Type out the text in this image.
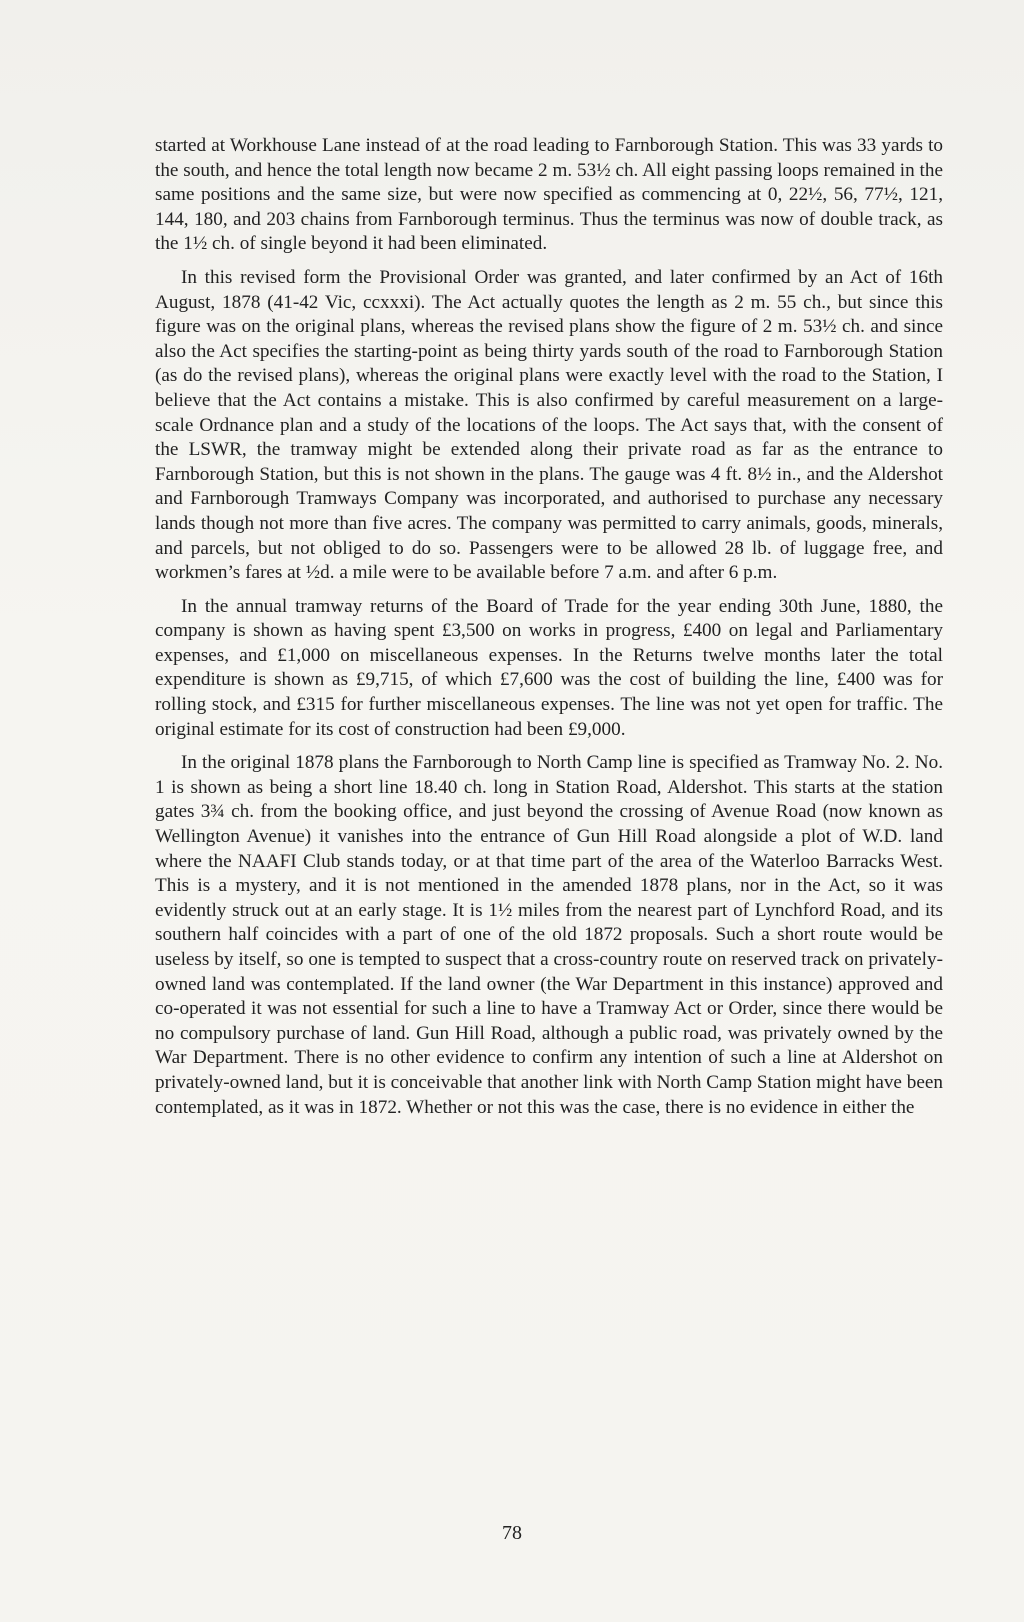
started at Workhouse Lane instead of at the road leading to Farnborough Station. This was 33 yards to the south, and hence the total length now became 2 m. 53½ ch. All eight passing loops remained in the same positions and the same size, but were now specified as commencing at 0, 22½, 56, 77½, 121, 144, 180, and 203 chains from Farnborough terminus. Thus the terminus was now of double track, as the 1½ ch. of single beyond it had been eliminated.

In this revised form the Provisional Order was granted, and later confirmed by an Act of 16th August, 1878 (41-42 Vic, ccxxxi). The Act actually quotes the length as 2 m. 55 ch., but since this figure was on the original plans, whereas the revised plans show the figure of 2 m. 53½ ch. and since also the Act specifies the starting-point as being thirty yards south of the road to Farnborough Station (as do the revised plans), whereas the original plans were exactly level with the road to the Station, I believe that the Act contains a mistake. This is also confirmed by careful measurement on a large-scale Ordnance plan and a study of the locations of the loops. The Act says that, with the consent of the LSWR, the tramway might be extended along their private road as far as the entrance to Farnborough Station, but this is not shown in the plans. The gauge was 4 ft. 8½ in., and the Aldershot and Farnborough Tramways Company was incorporated, and authorised to purchase any necessary lands though not more than five acres. The company was permitted to carry animals, goods, minerals, and parcels, but not obliged to do so. Passengers were to be allowed 28 lb. of luggage free, and workmen’s fares at ½d. a mile were to be available before 7 a.m. and after 6 p.m.

In the annual tramway returns of the Board of Trade for the year ending 30th June, 1880, the company is shown as having spent £3,500 on works in progress, £400 on legal and Parliamentary expenses, and £1,000 on miscellaneous expenses. In the Returns twelve months later the total expenditure is shown as £9,715, of which £7,600 was the cost of building the line, £400 was for rolling stock, and £315 for further miscellaneous expenses. The line was not yet open for traffic. The original estimate for its cost of construction had been £9,000.

In the original 1878 plans the Farnborough to North Camp line is specified as Tramway No. 2. No. 1 is shown as being a short line 18.40 ch. long in Station Road, Aldershot. This starts at the station gates 3¾ ch. from the booking office, and just beyond the crossing of Avenue Road (now known as Wellington Avenue) it vanishes into the entrance of Gun Hill Road alongside a plot of W.D. land where the NAAFI Club stands today, or at that time part of the area of the Waterloo Barracks West. This is a mystery, and it is not mentioned in the amended 1878 plans, nor in the Act, so it was evidently struck out at an early stage. It is 1½ miles from the nearest part of Lynchford Road, and its southern half coincides with a part of one of the old 1872 proposals. Such a short route would be useless by itself, so one is tempted to suspect that a cross-country route on reserved track on privately-owned land was contemplated. If the land owner (the War Department in this instance) approved and co-operated it was not essential for such a line to have a Tramway Act or Order, since there would be no compulsory purchase of land. Gun Hill Road, although a public road, was privately owned by the War Department. There is no other evidence to confirm any intention of such a line at Aldershot on privately-owned land, but it is conceivable that another link with North Camp Station might have been contemplated, as it was in 1872. Whether or not this was the case, there is no evidence in either the

78
